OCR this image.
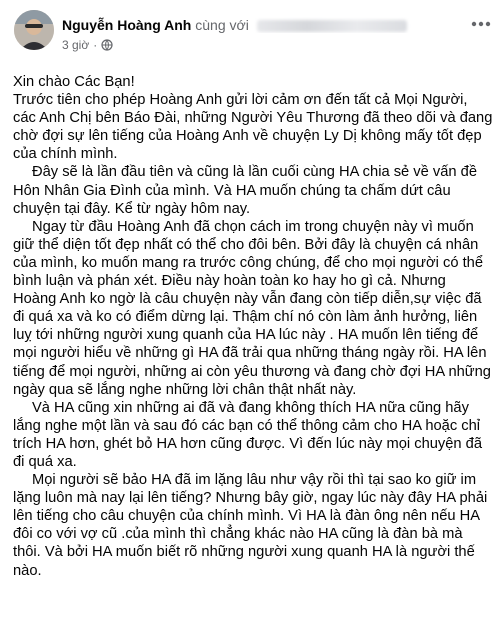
Nguyễn Hoàng Anh cùng với
3 giờ ·

Xin chào Các Bạn!
Trước tiên cho phép Hoàng Anh gửi lời cảm ơn đến tất cả Mọi Người, các Anh Chị bên Báo Đài, những Người Yêu Thương đã theo dõi và đang chờ đợi sự lên tiếng của Hoàng Anh về chuyện Ly Dị không mấy tốt đẹp của chính mình.

Đây sẽ là lần đầu tiên và cũng là lần cuối cùng HA chia sẻ về vấn đề Hôn Nhân Gia Đình của mình. Và HA muốn chúng ta chấm dứt câu chuyện tại đây. Kể từ ngày hôm nay.

Ngay từ đầu Hoàng Anh đã chọn cách im trong chuyện này vì muốn giữ thể diện tốt đẹp nhất có thể cho đôi bên. Bởi đây là chuyện cá nhân của mình, ko muốn mang ra trước công chúng, để cho mọi người có thể bình luận và phán xét. Điều này hoàn toàn ko hay ho gì cả. Nhưng Hoàng Anh ko ngờ là câu chuyện này vẫn đang còn tiếp diễn,sự việc đã đi quá xa và ko có điểm dừng lại. Thậm chí nó còn làm ảnh hưởng, liên luỵ tới những người xung quanh của HA lúc này . HA muốn lên tiếng để mọi người hiểu về những gì HA đã trải qua những tháng ngày rồi. HA lên tiếng để mọi người, những ai còn yêu thương và đang chờ đợi HA những ngày qua sẽ lắng nghe những lời chân thật nhất này.

Và HA cũng xin những ai đã và đang không thích HA nữa cũng hãy lắng nghe một lần và sau đó các bạn có thể thông cảm cho HA hoặc chỉ trích HA hơn, ghét bỏ HA hơn cũng được. Vì đến lúc này mọi chuyện đã đi quá xa.

Mọi người sẽ bảo HA đã im lặng lâu như vậy rồi thì tại sao ko giữ im lặng luôn mà nay lại lên tiếng? Nhưng bây giờ, ngay lúc này đây HA phải lên tiếng cho câu chuyện của chính mình. Vì HA là đàn ông nên nếu HA đôi co với vợ cũ .của mình thì chẳng khác nào HA cũng là đàn bà mà thôi. Và bởi HA muốn biết rõ những người xung quanh HA là người thế nào.
